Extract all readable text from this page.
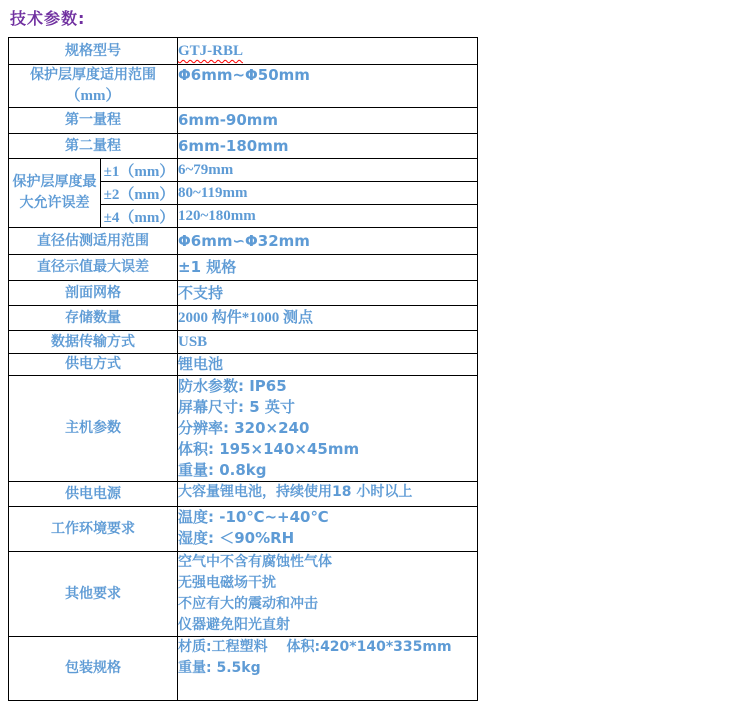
技术参数:
规格型号		GTJ-RBL

保护层厚度适用范围
（mm）		Φ6mm~Φ50mm
第一量程		6mm-90mm
第二量程		6mm-180mm
保护层厚度最大允许误差	±1（mm）	6~79mm
	±2（mm）	80~119mm
	±4（mm）	120~180mm
直径估测适用范围		Φ6mm∽Φ32mm
直径示值最大误差		±1 规格
剖面网格		不支持
存储数量		2000 构件*1000 测点
数据传输方式		USB
供电方式		锂电池
主机参数		防水参数: IP65
屏幕尺寸: 5 英寸
分辨率: 320×240
体积: 195×140×45mm
重量: 0.8kg

供电电源		大容量锂电池，持续使用18 小时以上
工作环境要求		温度: -10℃~+40℃
湿度: ＜90%RH

其他要求		空气中不含有腐蚀性气体
无强电磁场干扰
不应有大的震动和冲击
仪器避免阳光直射

包装规格		材质:工程塑料　 体积:420*140*335mm
重量: 5.5kg
